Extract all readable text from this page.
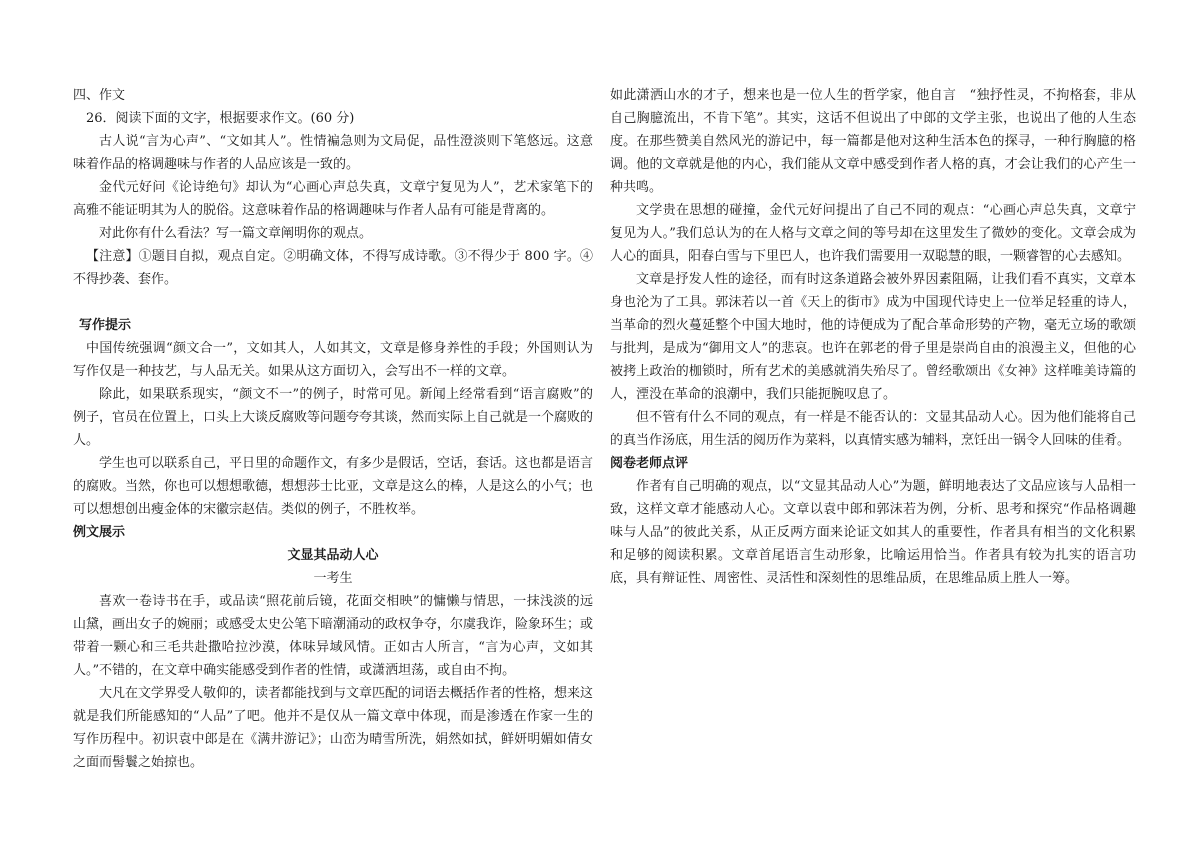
四、作文

26．阅读下面的文字，根据要求作文。(60 分)

古人说“言为心声”、“文如其人”。性情褊急则为文局促，品性澄淡则下笔悠远。这意味着作品的格调趣味与作者的人品应该是一致的。

金代元好问《论诗绝句》却认为“心画心声总失真，文章宁复见为人”，艺术家笔下的高雅不能证明其为人的脱俗。这意味着作品的格调趣味与作者人品有可能是背离的。

对此你有什么看法？写一篇文章阐明你的观点。

【注意】①题目自拟，观点自定。②明确文体，不得写成诗歌。③不得少于 800 字。④不得抄袭、套作。

写作提示

中国传统强调“颜文合一”，文如其人，人如其文，文章是修身养性的手段；外国则认为写作仅是一种技艺，与人品无关。如果从这方面切入，会写出不一样的文章。

除此，如果联系现实，“颜文不一”的例子，时常可见。新闻上经常看到“语言腐败”的例子，官员在位置上，口头上大谈反腐败等问题夸夸其谈，然而实际上自己就是一个腐败的人。

学生也可以联系自己，平日里的命题作文，有多少是假话，空话，套话。这也都是语言的腐败。当然，你也可以想想歌德，想想莎士比亚，文章是这么的棒，人是这么的小气；也可以想想创出瘦金体的宋徽宗赵佶。类似的例子，不胜枚举。

例文展示

文显其品动人心

一考生

喜欢一卷诗书在手，或品读“照花前后镜，花面交相映”的慵懒与情思，一抹浅淡的远山黛，画出女子的婉丽；或感受太史公笔下暗潮涌动的政权争夺，尔虞我诈，险象环生；或带着一颗心和三毛共赴撒哈拉沙漠，体味异域风情。正如古人所言，“言为心声，文如其人。”不错的，在文章中确实能感受到作者的性情，或潇洒坦荡，或自由不拘。

大凡在文学界受人敬仰的，读者都能找到与文章匹配的词语去概括作者的性格，想来这就是我们所能感知的“人品”了吧。他并不是仅从一篇文章中体现，而是渗透在作家一生的写作历程中。初识袁中郎是在《满井游记》；山峦为晴雪所洗，娟然如拭，鲜妍明媚如倩女之面而髻鬟之始掠也。

如此潇洒山水的才子，想来也是一位人生的哲学家，他自言　“独抒性灵，不拘格套，非从自己胸臆流出，不肯下笔”。其实，这话不但说出了中郎的文学主张，也说出了他的人生态度。在那些赞美自然风光的游记中，每一篇都是他对这种生活本色的探寻，一种行胸臆的格调。他的文章就是他的内心，我们能从文章中感受到作者人格的真，才会让我们的心产生一种共鸣。

文学贵在思想的碰撞，金代元好问提出了自己不同的观点：“心画心声总失真，文章宁复见为人。”我们总认为的在人格与文章之间的等号却在这里发生了微妙的变化。文章会成为人心的面具，阳春白雪与下里巴人，也许我们需要用一双聪慧的眼，一颗睿智的心去感知。

文章是抒发人性的途径，而有时这条道路会被外界因素阻隔，让我们看不真实，文章本身也沦为了工具。郭沫若以一首《天上的街市》成为中国现代诗史上一位举足轻重的诗人，当革命的烈火蔓延整个中国大地时，他的诗便成为了配合革命形势的产物，毫无立场的歌颂与批判，是成为“御用文人”的悲哀。也许在郭老的骨子里是崇尚自由的浪漫主义，但他的心被拷上政治的枷锁时，所有艺术的美感就消失殆尽了。曾经歌颂出《女神》这样唯美诗篇的人，湮没在革命的浪潮中，我们只能扼腕叹息了。

但不管有什么不同的观点，有一样是不能否认的：文显其品动人心。因为他们能将自己的真当作汤底，用生活的阅历作为菜料，以真情实感为辅料，烹饪出一锅令人回味的佳肴。

阅卷老师点评

作者有自己明确的观点，以“文显其品动人心”为题，鲜明地表达了文品应该与人品相一致，这样文章才能感动人心。文章以袁中郎和郭沫若为例，分析、思考和探究“作品格调趣味与人品”的彼此关系，从正反两方面来论证文如其人的重要性，作者具有相当的文化积累和足够的阅读积累。文章首尾语言生动形象，比喻运用恰当。作者具有较为扎实的语言功底，具有辩证性、周密性、灵活性和深刻性的思维品质，在思维品质上胜人一筹。
